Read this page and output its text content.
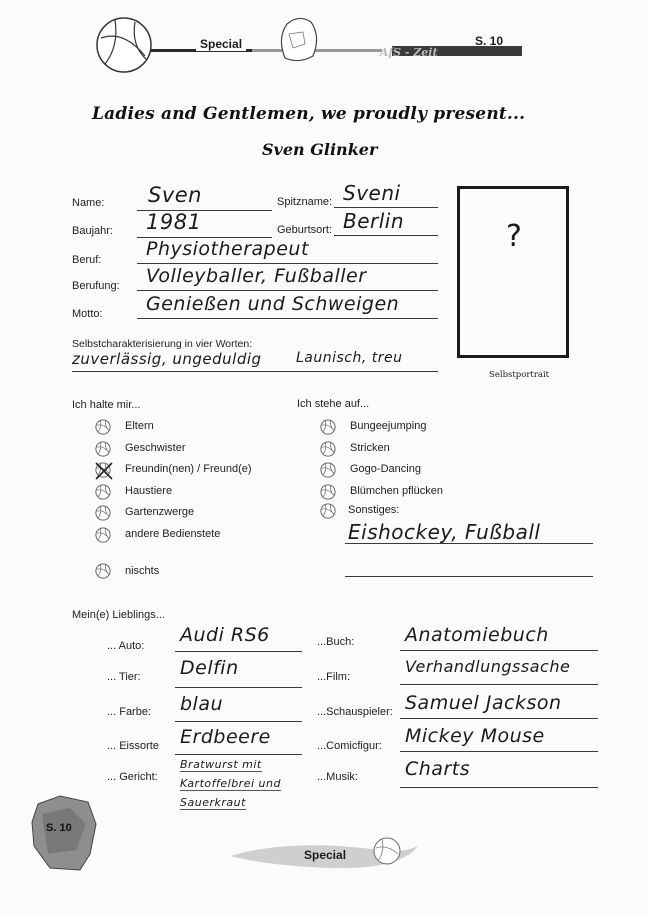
Special
AfS - Zeit
S. 10
Ladies and Gentlemen, we proudly present...
Sven Glinker
Name: Sven	Spitzname: Sveni
Baujahr: 1981	Geburtsort: Berlin
Beruf: Physiotherapeut
Berufung: Volleyballer, Fußballer
Motto: Genießen und Schweigen
Selbstcharakterisierung in vier Worten:
zuverlässig, ungeduldig Launisch, treu
?
Selbstportrait
Ich halte mir...
Eltern
Geschwister
Freundin(nen) / Freund(e)
Haustiere
Gartenzwerge
andere Bedienstete
nischts
Ich stehe auf...
Bungeejumping
Stricken
Gogo-Dancing
Blümchen pflücken
Sonstiges:
Eishockey, Fußball
Mein(e) Lieblings...
... Auto: Audi RS6
... Tier: Delfin
... Farbe: blau
... Eissorte Erdbeere
... Gericht:
Bratwurst mit
Kartoffelbrei und
Sauerkraut
...Buch:	Anatomiebuch
...Film:
Verhandlungssache
...Schauspieler: Samuel Jackson
...Comicfigur: Mickey Mouse
...Musik: Charts
S. 10
Special
